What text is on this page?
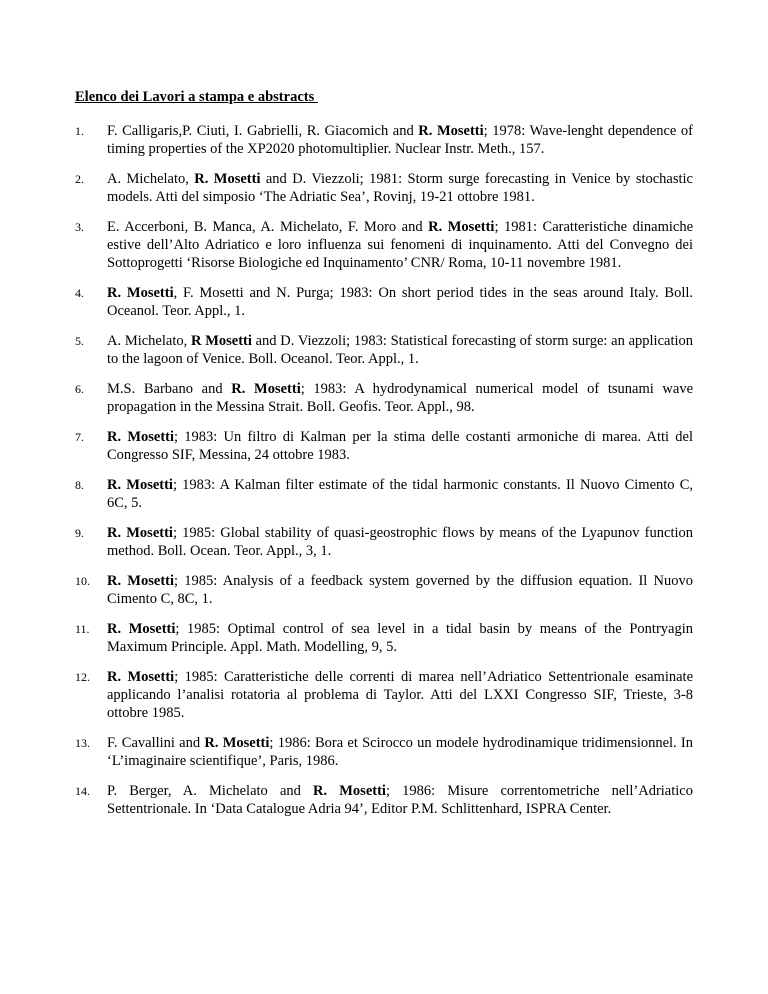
Elenco dei Lavori a stampa e abstracts
1.	F. Calligaris,P. Ciuti, I. Gabrielli, R. Giacomich and R. Mosetti; 1978: Wave-lenght dependence of timing properties of the XP2020 photomultiplier. Nuclear Instr. Meth., 157.
2.	A. Michelato, R. Mosetti and D. Viezzoli; 1981: Storm surge forecasting in Venice by stochastic models. Atti del simposio ‘The Adriatic Sea’, Rovinj, 19-21 ottobre 1981.
3.	E. Accerboni, B. Manca, A. Michelato, F. Moro and R. Mosetti; 1981: Caratteristiche dinamiche estive dell’Alto Adriatico e loro influenza sui fenomeni di inquinamento. Atti del Convegno dei Sottoprogetti ‘Risorse Biologiche ed Inquinamento’ CNR/ Roma, 10-11 novembre 1981.
4.	R. Mosetti, F. Mosetti and N. Purga; 1983: On short period tides in the seas around Italy. Boll. Oceanol. Teor. Appl., 1.
5.	A. Michelato, R Mosetti and D. Viezzoli; 1983: Statistical forecasting of storm surge: an application to the lagoon of Venice. Boll. Oceanol. Teor. Appl., 1.
6.	M.S. Barbano and R. Mosetti; 1983: A hydrodynamical numerical model of tsunami wave propagation in the Messina Strait. Boll. Geofis. Teor. Appl., 98.
7.	R. Mosetti; 1983: Un filtro di Kalman per la stima delle costanti armoniche di marea. Atti del Congresso SIF, Messina, 24 ottobre 1983.
8.	R. Mosetti; 1983: A Kalman filter estimate of the tidal harmonic constants. Il Nuovo Cimento C, 6C, 5.
9.	R. Mosetti; 1985: Global stability of quasi-geostrophic flows by means of the Lyapunov function method. Boll. Ocean. Teor. Appl., 3, 1.
10.	R. Mosetti; 1985: Analysis of a feedback system governed by the diffusion equation. Il Nuovo Cimento C, 8C, 1.
11.	R. Mosetti; 1985: Optimal control of sea level in a tidal basin by means of the Pontryagin Maximum Principle. Appl. Math. Modelling, 9, 5.
12.	R. Mosetti; 1985: Caratteristiche delle correnti di marea nell’Adriatico Settentrionale esaminate applicando l’analisi rotatoria al problema di Taylor. Atti del LXXI Congresso SIF, Trieste, 3-8 ottobre 1985.
13.	F. Cavallini and R. Mosetti; 1986: Bora et Scirocco un modele hydrodinamique tridimensionnel. In ‘L’imaginaire scientifique’, Paris, 1986.
14.	P. Berger, A. Michelato and R. Mosetti; 1986: Misure correntometriche nell’Adriatico Settentrionale. In ‘Data Catalogue Adria 94’, Editor P.M. Schlittenhard, ISPRA Center.
